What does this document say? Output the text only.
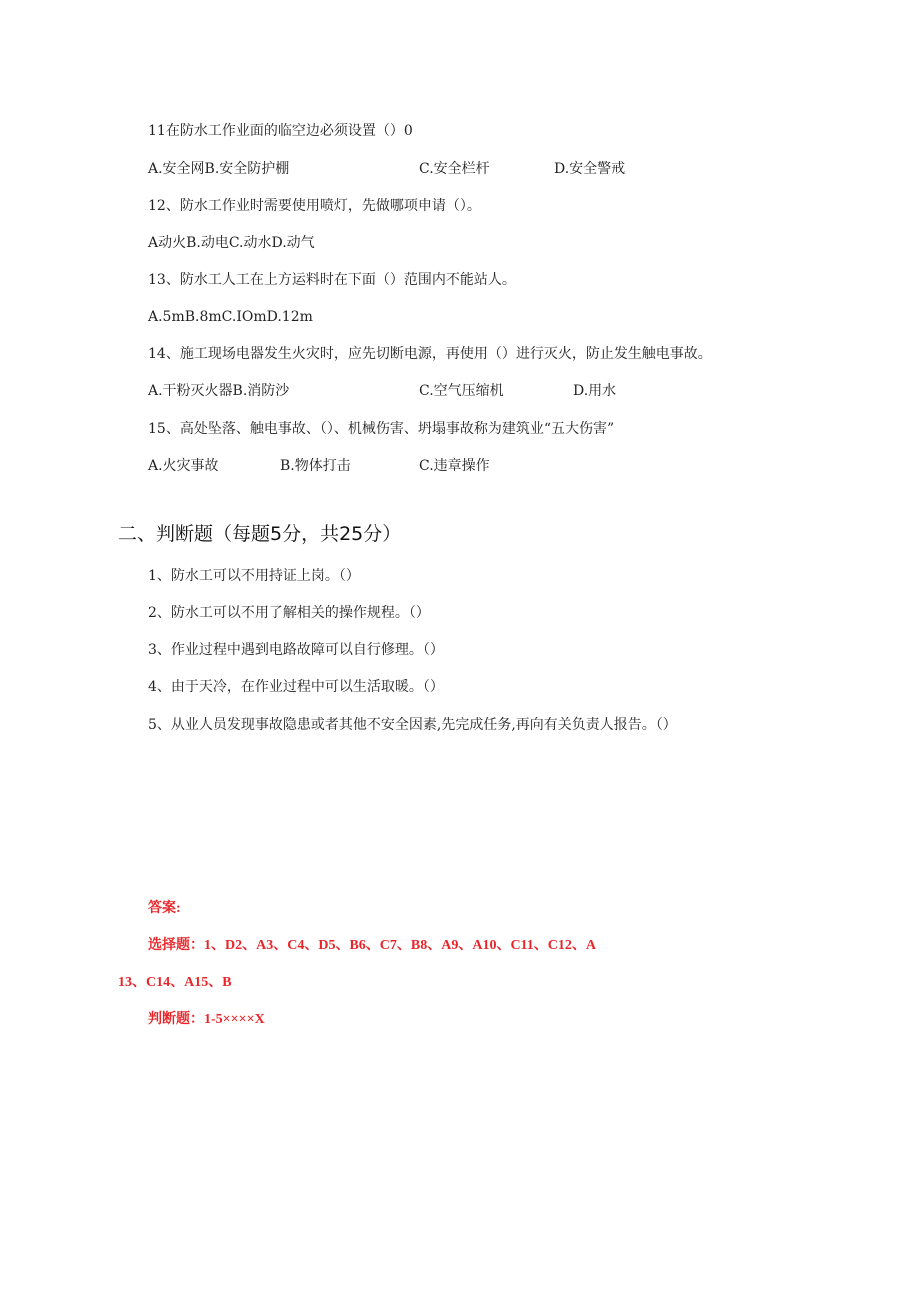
11在防水工作业面的临空边必须设置（）0
A.安全网B.安全防护棚	C.安全栏杆	D.安全警戒
12、防水工作业时需要使用喷灯，先做哪项申请（）。
A动火B.动电C.动水D.动气
13、防水工人工在上方运料时在下面（）范围内不能站人。
A.5mB.8mC.IOmD.12m
14、施工现场电器发生火灾时，应先切断电源，再使用（）进行灭火，防止发生触电事故。
A.干粉灭火器B.消防沙	C.空气压缩机	D.用水
15、高处坠落、触电事故、（）、机械伤害、坍塌事故称为建筑业“五大伤害”
A.火灾事故	B.物体打击	C.违章操作
二、判断题（每题5分，共25分）
1、防水工可以不用持证上岗。（）
2、防水工可以不用了解相关的操作规程。（）
3、作业过程中遇到电路故障可以自行修理。（）
4、由于天冷，在作业过程中可以生活取暖。（）
5、从业人员发现事故隐患或者其他不安全因素,先完成任务,再向有关负责人报告。（）
答案:
选择题：1、D2、A3、C4、D5、B6、C7、B8、A9、A10、C11、C12、A
13、C14、A15、B
判断题：1-5××××X
